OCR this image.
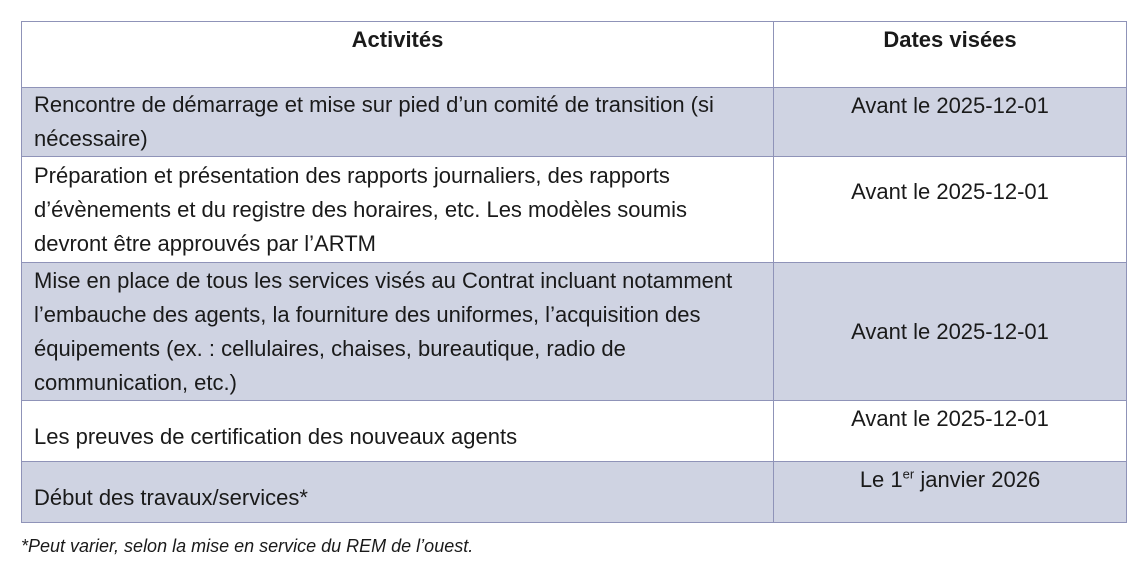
Activités	Dates visées
Rencontre de démarrage et mise sur pied d’un comité de transition (si nécessaire)	Avant le 2025-12-01
Préparation et présentation des rapports journaliers, des rapports d’évènements et du registre des horaires, etc. Les modèles soumis devront être approuvés par l’ARTM	Avant le 2025-12-01
Mise en place de tous les services visés au Contrat incluant notamment l’embauche des agents, la fourniture des uniformes, l’acquisition des équipements (ex. : cellulaires, chaises, bureautique, radio de communication, etc.)	Avant le 2025-12-01
Les preuves de certification des nouveaux agents	Avant le 2025-12-01
Début des travaux/services*	Le 1er janvier 2026
*Peut varier, selon la mise en service du REM de l’ouest.
